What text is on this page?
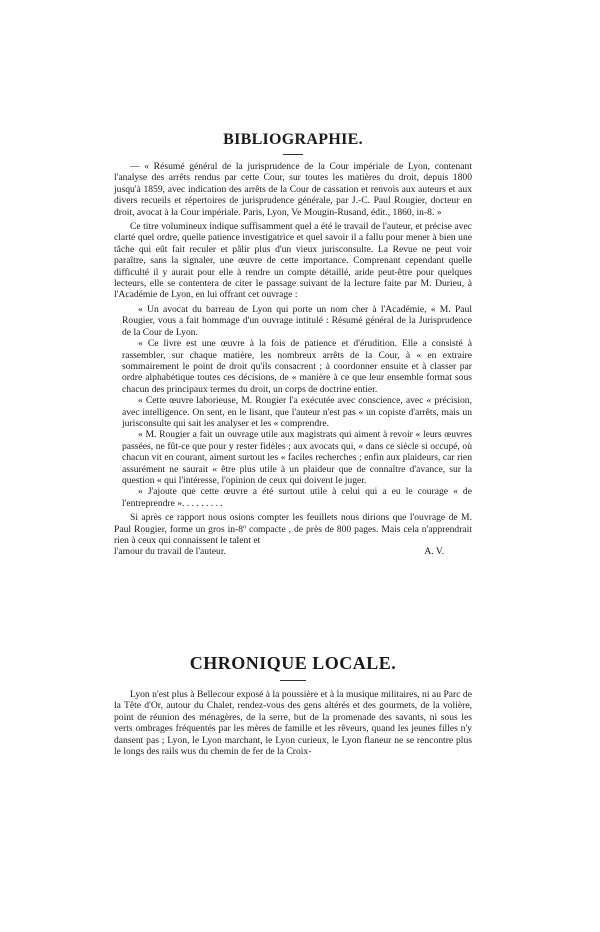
BIBLIOGRAPHIE.

— « Résumé général de la jurisprudence de la Cour impériale de Lyon, contenant l'analyse des arrêts rendus par cette Cour, sur toutes les matières du droit, depuis 1800 jusqu'à 1859, avec indication des arrêts de la Cour de cassation et renvois aux auteurs et aux divers recueils et répertoires de jurisprudence générale, par J.-C. Paul Rougier, docteur en droit, avocat à la Cour impériale. Paris, Lyon, Ve Mougin-Rusand, édit., 1860, in-8. »

Ce titre volumineux indique suffisamment quel a été le travail de l'auteur, et précise avec clarté quel ordre, quelle patience investigatrice et quel savoir il a fallu pour mener à bien une tâche qui eût fait reculer et pâlir plus d'un vieux jurisconsulte. La Revue ne peut voir paraître, sans la signaler, une œuvre de cette importance. Comprenant cependant quelle difficulté il y aurait pour elle à rendre un compte détaillé, aride peut-être pour quelques lecteurs, elle se contentera de citer le passage suivant de la lecture faite par M. Durieu, à l'Académie de Lyon, en lui offrant cet ouvrage :

« Un avocat du barreau de Lyon qui porte un nom cher à l'Académie, « M. Paul Rougier, vous a fait hommage d'un ouvrage intitulé : Résumé général de la Jurisprudence de la Cour de Lyon.

« Ce livre est une œuvre à la fois de patience et d'érudition. Elle a consisté à rassembler, sur chaque matière, les nombreux arrêts de la Cour, à « en extraire sommairement le point de droit qu'ils consacrent ; à coordonner ensuite et à classer par ordre alphabétique toutes ces décisions, de « manière à ce que leur ensemble format sous chacun des principaux termes du droit, un corps de doctrine entier.

« Cette œuvre laborieuse, M. Rougier l'a exécutée avec conscience, avec « précision, avec intelligence. On sent, en le lisant, que l'auteur n'est pas « un copiste d'arrêts, mais un jurisconsulte qui sait les analyser et les « comprendre.

« M. Rougier a fait un ouvrage utile aux magistrats qui aiment à revoir « leurs œuvres passées, ne fût-ce que pour y rester fidèles ; aux avocats qui, « dans ce siècle si occupé, où chacun vit en courant, aiment surtout les « faciles recherches ; enfin aux plaideurs, car rien assurément ne saurait « être plus utile à un plaideur que de connaître d'avance, sur la question « qui l'intéresse, l'opinion de ceux qui doivent le juger.

« J'ajoute que cette œuvre a été surtout utile à celui qui a eu le courage « de l'entreprendre ». . . . . . . . .

Si après ce rapport nous osions compter les feuillets nous dirions que l'ouvrage de M. Paul Rougier, forme un gros in-8º compacte , de près de 800 pages. Mais cela n'apprendrait rien à ceux qui connaissent le talent et

l'amour du travail de l'auteur.	A. V.

CHRONIQUE LOCALE.

Lyon n'est plus à Bellecour exposé à la poussière et à la musique militaires, ni au Parc de la Tête d'Or, autour du Chalet, rendez-vous des gens altérés et des gourmets, de la volière, point de réunion des ménagères, de la serre, but de la promenade des savants, ni sous les verts ombrages fréquentés par les mères de famille et les rêveurs, quand les jeunes filles n'y dansent pas ; Lyon, le Lyon marchant, le Lyon curieux, le Lyon flaneur ne se rencontre plus le longs des rails wus du chemin de fer de la Croix-
